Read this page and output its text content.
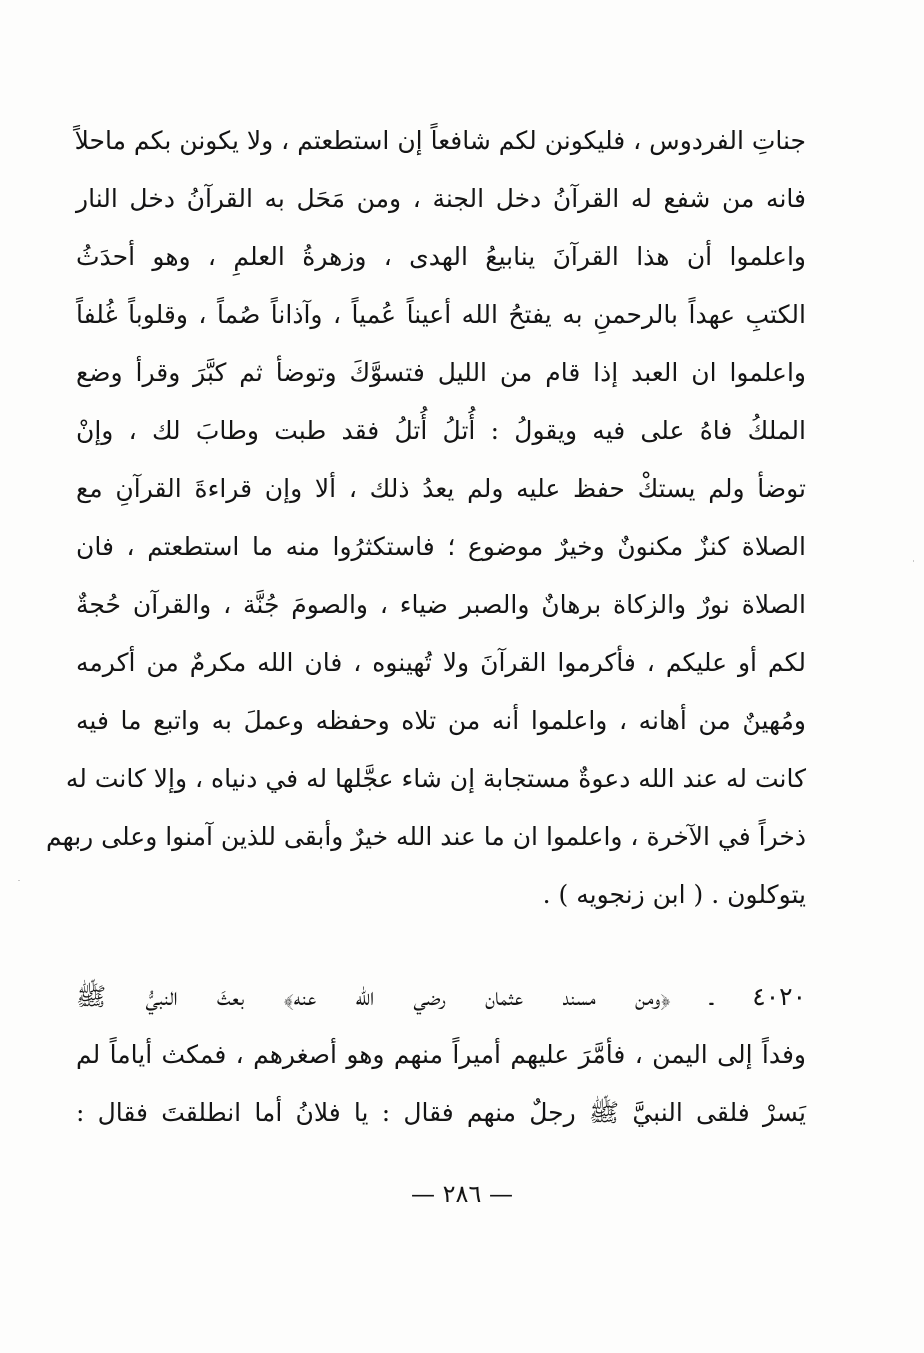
جناتِ الفردوس ، فليكونن لكم شافعاً إن استطعتم ، ولا يكونن بكم ماحلاً
فانه من شفع له القرآنُ دخل الجنة ، ومن مَحَل به القرآنُ دخل النار
واعلموا أن هذا القرآنَ ينابيعُ الهدى ، وزهرةُ العلمِ ، وهو أحدَثُ
الكتبِ عهداً بالرحمنِ به يفتحُ الله أعيناً عُمياً ، وآذاناً صُماً ، وقلوباً غُلفاً
واعلموا ان العبد إذا قام من الليل فتسوَّكَ وتوضأ ثم كبَّرَ وقرأ وضع
الملكُ فاهُ على فيه ويقولُ : أُتلُ أُتلُ فقد طبت وطابَ لك ، وإنْ
توضأ ولم يستكْ حفظ عليه ولم يعدُ ذلك ، ألا وإن قراءةَ القرآنِ مع
الصلاة كنزٌ مكنونٌ وخيرٌ موضوع ؛ فاستكثرُوا منه ما استطعتم ، فان
الصلاة نورٌ والزكاة برهانٌ والصبر ضياء ، والصومَ جُنَّة ، والقرآن حُجةٌ
لكم أو عليكم ، فأكرموا القرآنَ ولا تُهينوه ، فان الله مكرمٌ من أكرمه
ومُهينٌ من أهانه ، واعلموا أنه من تلاه وحفظه وعملَ به واتبع ما فيه
كانت له عند الله دعوةٌ مستجابة إن شاء عجَّلها له في دنياه ، وإلا كانت له
ذخراً في الآخرة ، واعلموا ان ما عند الله خيرٌ وأبقى للذين آمنوا وعلى ربهم
يتوكلون . ( ابن زنجويه ) .
٤٠٢٠ ـ ﴿ومن مسند عثمان رضي الله عنه﴾ بعثَ النبيُّ ﷺ
وفداً إلى اليمن ، فأمَّرَ عليهم أميراً منهم وهو أصغرهم ، فمكث أياماً لم
يَسرْ فلقى النبيَّ ﷺ رجلٌ منهم فقال : يا فلانُ أما انطلقتَ فقال :
— ٢٨٦ —
